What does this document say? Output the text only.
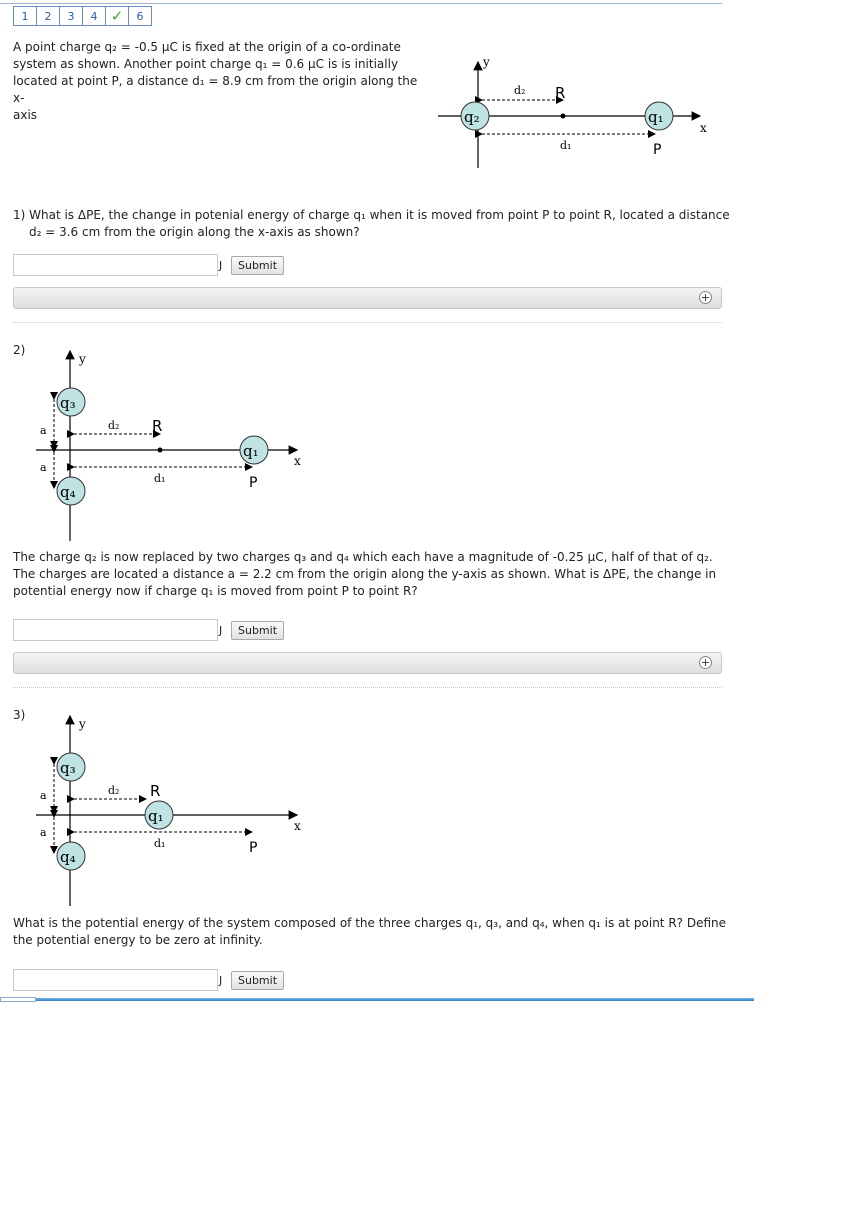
1	2	3	4 ✓	6
A point charge q₂ = -0.5 μC is fixed at the origin of a co-ordinate
system as shown. Another point charge q₁ = 0.6 μC is is initially
located at point P, a distance d₁ = 8.9 cm from the origin along the x-
axis
y
x
d₂ R
d₁	P
q₂	q₁
1) What is ΔPE, the change in potenial energy of charge q₁ when it is moved from point P to point R, located a distance
d₂ = 3.6 cm from the origin along the x-axis as shown?
J	Submit
+
2)
y
x
a
a
d₂ R
d₁	P
q₃
q₄
q₁
The charge q₂ is now replaced by two charges q₃ and q₄ which each have a magnitude of -0.25 μC, half of that of q₂.
The charges are located a distance a = 2.2 cm from the origin along the y-axis as shown. What is ΔPE, the change in
potential energy now if charge q₁ is moved from point P to point R?
J	Submit
+
3)
y
x
a
a
d₂ R
d₁	P
q₃
q₄
q₁
What is the potential energy of the system composed of the three charges q₁, q₃, and q₄, when q₁ is at point R? Define
the potential energy to be zero at infinity.
J	Submit
